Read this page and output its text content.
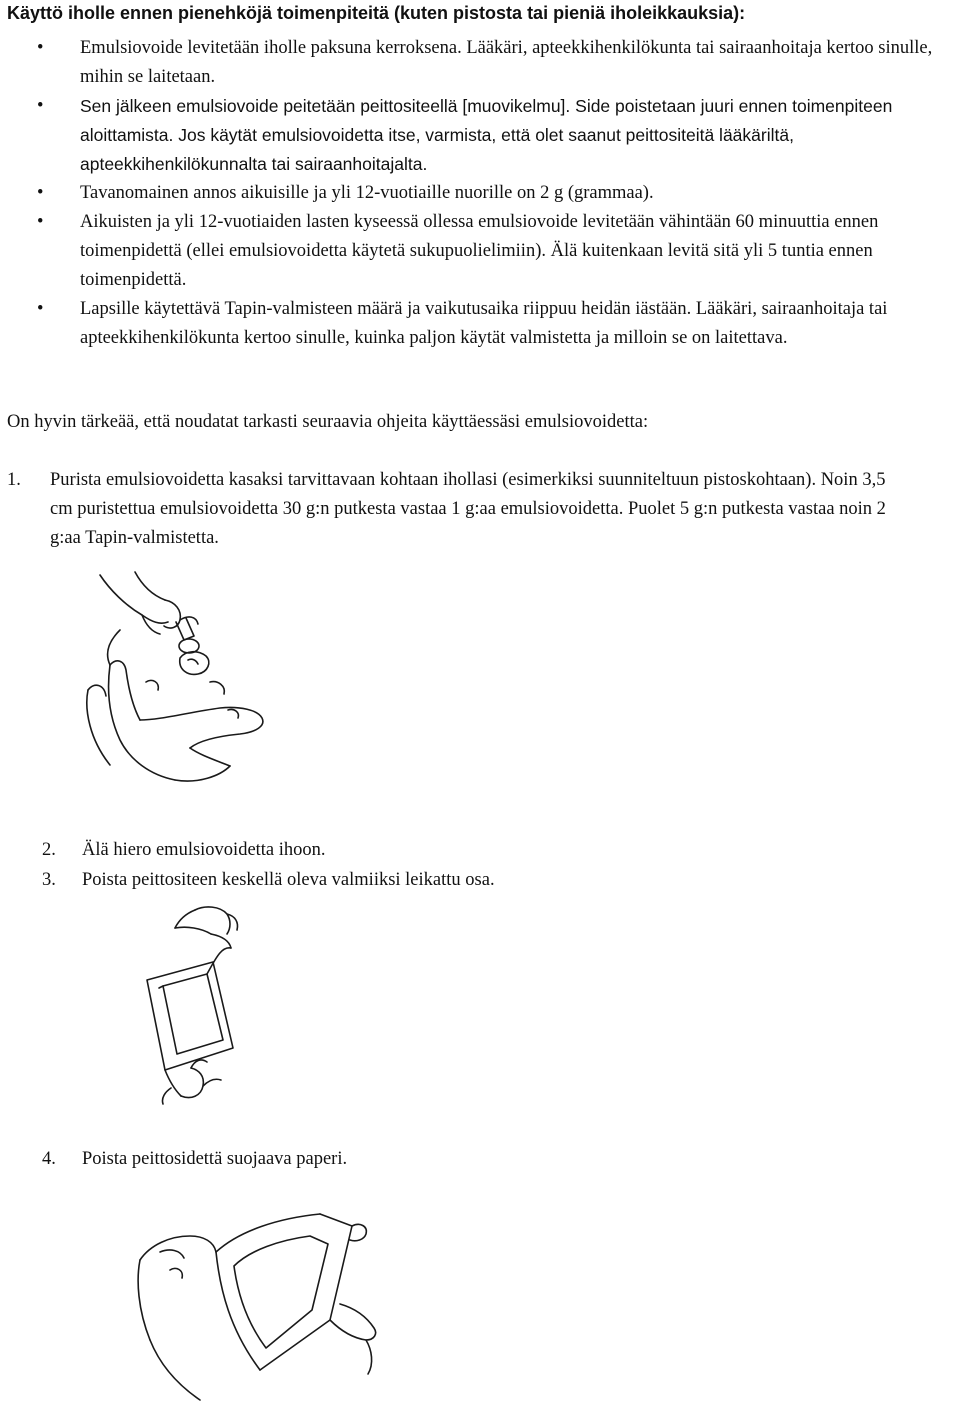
Käyttö iholle ennen pienehköjä toimenpiteitä (kuten pistosta tai pieniä iholeikkauksia):
• Emulsiovoide levitetään iholle paksuna kerroksena. Lääkäri, apteekkihenkilökunta tai sairaanhoitaja kertoo sinulle, mihin se laitetaan.
• Sen jälkeen emulsiovoide peitetään peittositeellä [muovikelmu]. Side poistetaan juuri ennen toimenpiteen aloittamista. Jos käytät emulsiovoidetta itse, varmista, että olet saanut peittositeitä lääkäriltä, apteekkihenkilökunnalta tai sairaanhoitajalta.
• Tavanomainen annos aikuisille ja yli 12-vuotiaille nuorille on 2 g (grammaa).
• Aikuisten ja yli 12-vuotiaiden lasten kyseessä ollessa emulsiovoide levitetään vähintään 60 minuuttia ennen toimenpidettä (ellei emulsiovoidetta käytetä sukupuolielimiin). Älä kuitenkaan levitä sitä yli 5 tuntia ennen toimenpidettä.
• Lapsille käytettävä Tapin-valmisteen määrä ja vaikutusaika riippuu heidän iästään. Lääkäri, sairaanhoitaja tai apteekkihenkilökunta kertoo sinulle, kuinka paljon käytät valmistetta ja milloin se on laitettava.

On hyvin tärkeää, että noudatat tarkasti seuraavia ohjeita käyttäessäsi emulsiovoidetta:

1. Purista emulsiovoidetta kasaksi tarvittavaan kohtaan ihollasi (esimerkiksi suunniteltuun pistoskohtaan). Noin 3,5 cm puristettua emulsiovoidetta 30 g:n putkesta vastaa 1 g:aa emulsiovoidetta. Puolet 5 g:n putkesta vastaa noin 2 g:aa Tapin-valmistetta.

2. Älä hiero emulsiovoidetta ihoon.

3. Poista peittositeen keskellä oleva valmiiksi leikattu osa.

4. Poista peittosidettä suojaava paperi.
